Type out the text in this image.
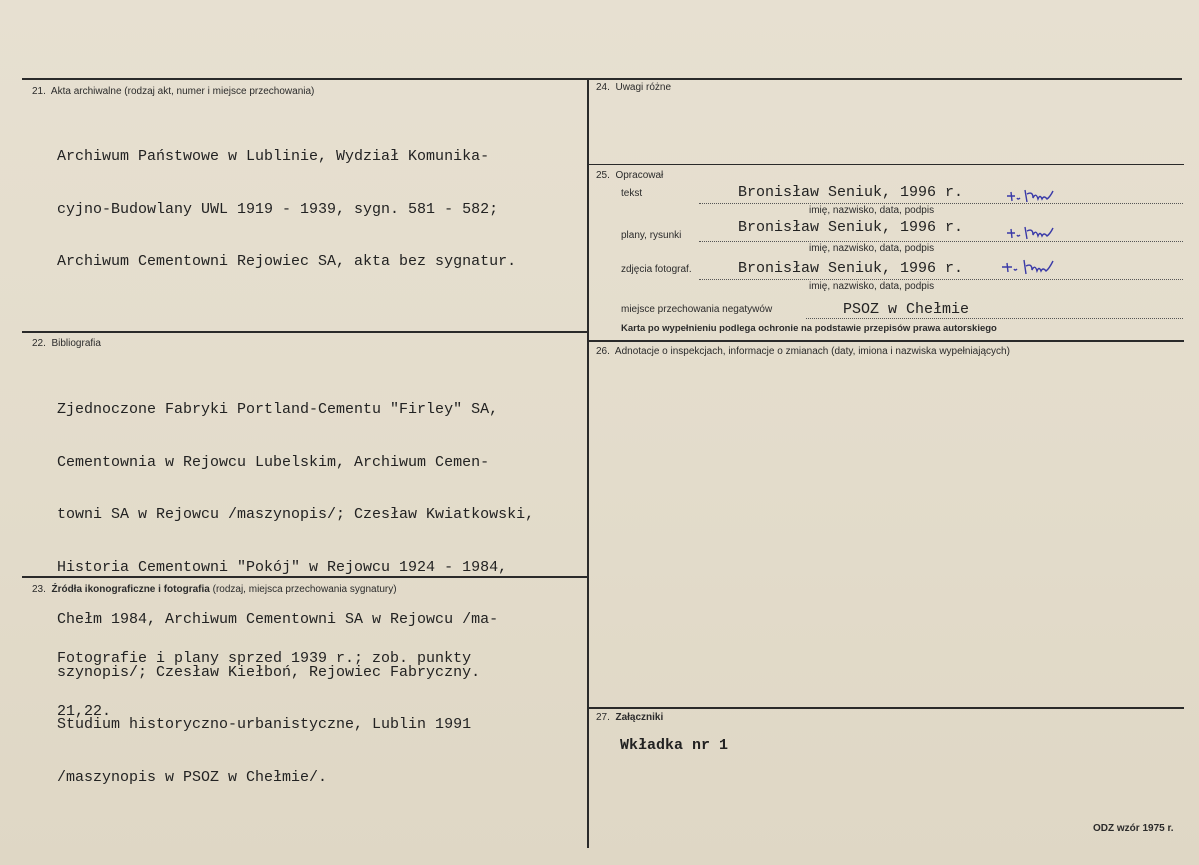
21. Akta archiwalne (rodzaj akt, numer i miejsce przechowania)

Archiwum Państwowe w Lublinie, Wydział Komunika-

cyjno-Budowlany UWL 1919 - 1939, sygn. 581 - 582;

Archiwum Cementowni Rejowiec SA, akta bez sygnatur.

22. Bibliografia

Zjednoczone Fabryki Portland-Cementu "Firley" SA,

Cementownia w Rejowcu Lubelskim, Archiwum Cemen-

towni SA w Rejowcu /maszynopis/; Czesław Kwiatkowski,

Historia Cementowni "Pokój" w Rejowcu 1924 - 1984,

Chełm 1984, Archiwum Cementowni SA w Rejowcu /ma-

szynopis/; Czesław Kiełboń, Rejowiec Fabryczny.

Studium historyczno-urbanistyczne, Lublin 1991

/maszynopis w PSOZ w Chełmie/.

23. Źródła ikonograficzne i fotografia (rodzaj, miejsca przechowania sygnatury)

Fotografie i plany sprzed 1939 r.; zob. punkty

21,22.

24. Uwagi różne
25. Opracował
tekst	Bronisław Seniuk, 1996 r.
imię, nazwisko, data, podpis
plany, rysunki	Bronisław Seniuk, 1996 r.
imię, nazwisko, data, podpis
zdjęcia fotograf.	Bronisław Seniuk, 1996 r.
imię, nazwisko, data, podpis
miejsce przechowania negatywów	PSOZ w Chełmie
Karta po wypełnieniu podlega ochronie na podstawie przepisów prawa autorskiego
26. Adnotacje o inspekcjach, informacje o zmianach (daty, imiona i nazwiska wypełniających)
27. Załączniki
Wkładka nr 1
ODZ wzór 1975 r.
